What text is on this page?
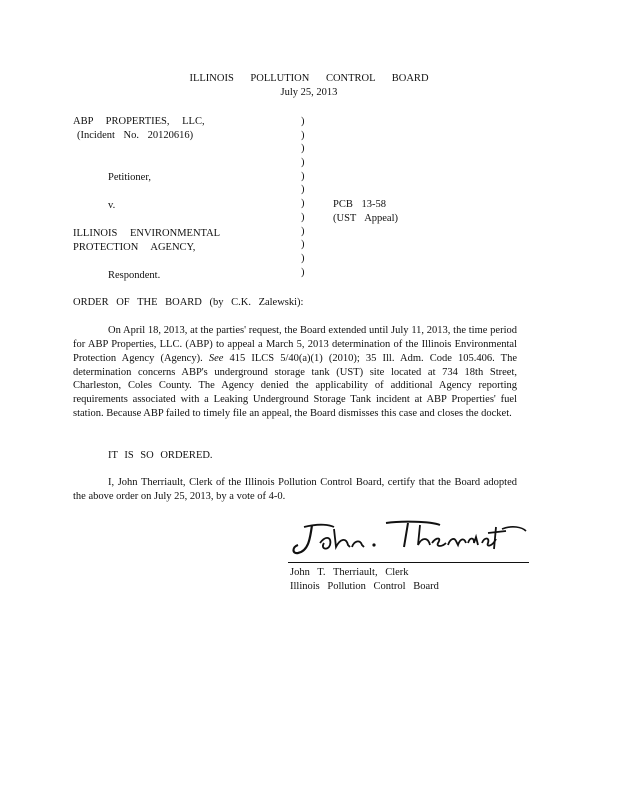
ILLINOIS POLLUTION CONTROL BOARD
July 25, 2013
ABP PROPERTIES, LLC,
(Incident No. 20120616)
Petitioner,
v.
ILLINOIS ENVIRONMENTAL
PROTECTION AGENCY,
Respondent.
)
)
)
)
)
)
)
)
)
)
)
)
PCB 13-58
(UST Appeal)
ORDER OF THE BOARD (by C.K. Zalewski):
On April 18, 2013, at the parties' request, the Board extended until July 11, 2013, the time period for ABP Properties, LLC. (ABP) to appeal a March 5, 2013 determination of the Illinois Environmental Protection Agency (Agency). See 415 ILCS 5/40(a)(1) (2010); 35 Ill. Adm. Code 105.406. The determination concerns ABP's underground storage tank (UST) site located at 734 18th Street, Charleston, Coles County. The Agency denied the applicability of additional Agency reporting requirements associated with a Leaking Underground Storage Tank incident at ABP Properties' fuel station. Because ABP failed to timely file an appeal, the Board dismisses this case and closes the docket.
IT IS SO ORDERED.
I, John Therriault, Clerk of the Illinois Pollution Control Board, certify that the Board adopted the above order on July 25, 2013, by a vote of 4-0.
John T. Therriault
John T. Therriault, Clerk
Illinois Pollution Control Board
